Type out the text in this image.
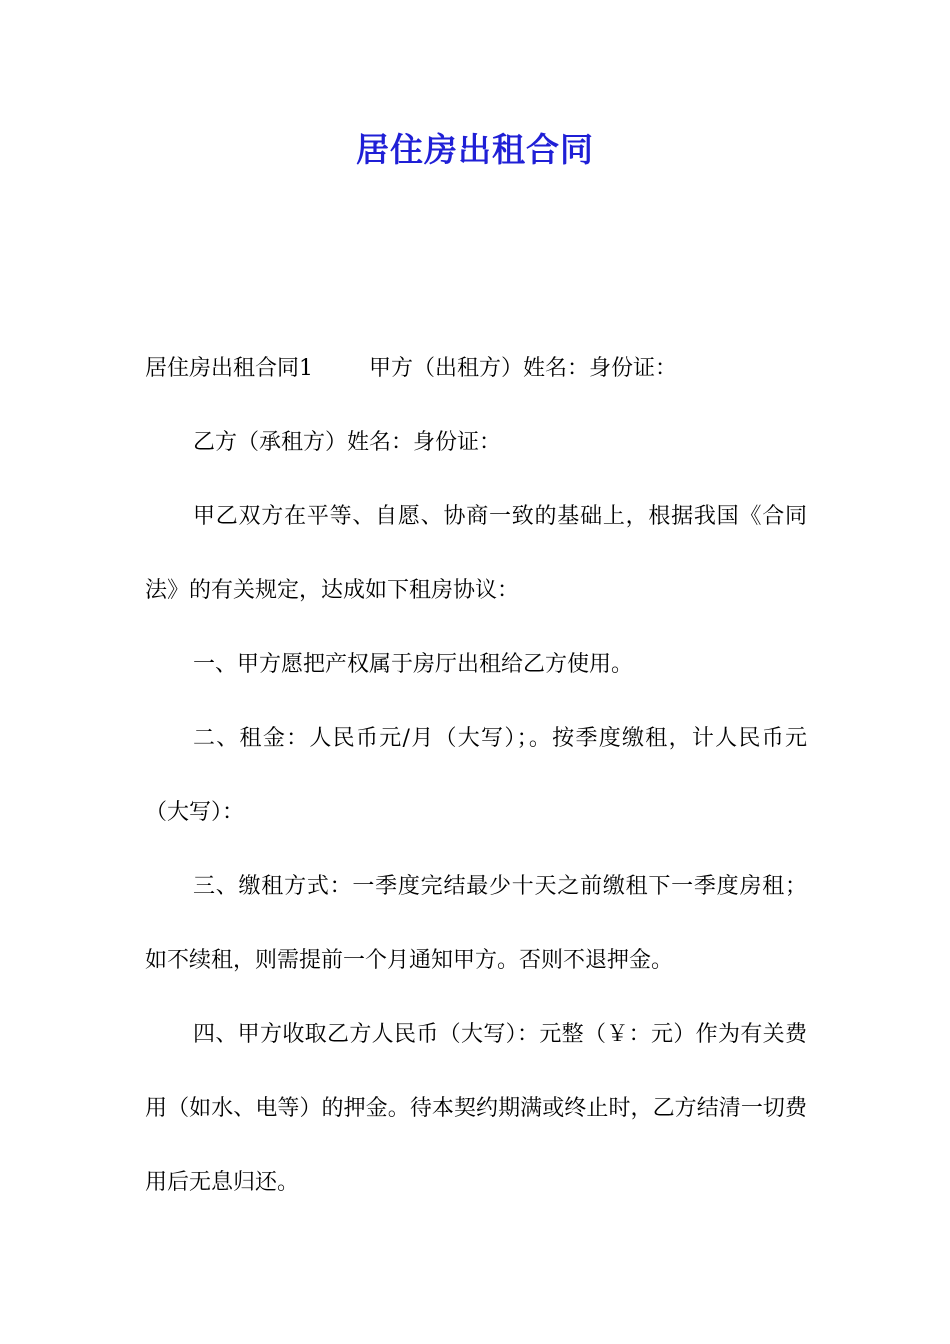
居住房出租合同

居住房出租合同1	甲方（出租方）姓名：身份证：

乙方（承租方）姓名：身份证：

甲乙双方在平等、自愿、协商一致的基础上，根据我国《合同法》的有关规定，达成如下租房协议：

一、甲方愿把产权属于房厅出租给乙方使用。

二、租金：人民币元/月（大写）；。按季度缴租，计人民币元（大写）：

三、缴租方式：一季度完结最少十天之前缴租下一季度房租；如不续租，则需提前一个月通知甲方。否则不退押金。

四、甲方收取乙方人民币（大写）：元整（￥：元）作为有关费用（如水、电等）的押金。待本契约期满或终止时，乙方结清一切费用后无息归还。
